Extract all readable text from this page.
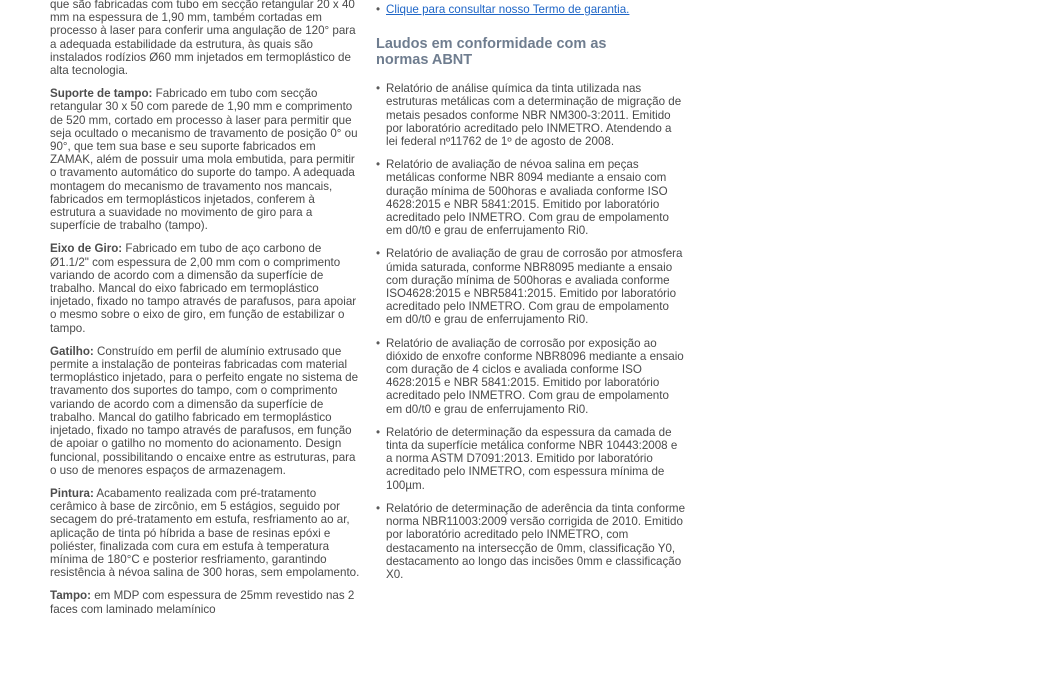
que são fabricadas com tubo em secção retangular 20 x 40 mm na espessura de 1,90 mm, também cortadas em processo à laser para conferir uma angulação de 120° para a adequada estabilidade da estrutura, às quais são instalados rodízios Ø60 mm injetados em termoplástico de alta tecnologia.

Suporte de tampo: Fabricado em tubo com secção retangular 30 x 50 com parede de 1,90 mm e comprimento de 520 mm, cortado em processo à laser para permitir que seja ocultado o mecanismo de travamento de posição 0° ou 90°, que tem sua base e seu suporte fabricados em ZAMAK, além de possuir uma mola embutida, para permitir o travamento automático do suporte do tampo. A adequada montagem do mecanismo de travamento nos mancais, fabricados em termoplásticos injetados, conferem à estrutura a suavidade no movimento de giro para a superfície de trabalho (tampo).

Eixo de Giro: Fabricado em tubo de aço carbono de Ø1.1/2" com espessura de 2,00 mm com o comprimento variando de acordo com a dimensão da superfície de trabalho. Mancal do eixo fabricado em termoplástico injetado, fixado no tampo através de parafusos, para apoiar o mesmo sobre o eixo de giro, em função de estabilizar o tampo.

Gatilho: Construído em perfil de alumínio extrusado que permite a instalação de ponteiras fabricadas com material termoplástico injetado, para o perfeito engate no sistema de travamento dos suportes do tampo, com o comprimento variando de acordo com a dimensão da superfície de trabalho. Mancal do gatilho fabricado em termoplástico injetado, fixado no tampo através de parafusos, em função de apoiar o gatilho no momento do acionamento. Design funcional, possibilitando o encaixe entre as estruturas, para o uso de menores espaços de armazenagem.

Pintura: Acabamento realizada com pré-tratamento cerâmico à base de zircônio, em 5 estágios, seguido por secagem do pré-tratamento em estufa, resfriamento ao ar, aplicação de tinta pó híbrida a base de resinas epóxi e poliéster, finalizada com cura em estufa à temperatura mínima de 180°C e posterior resfriamento, garantindo resistência à névoa salina de 300 horas, sem empolamento.

Tampo: em MDP com espessura de 25mm revestido nas 2 faces com laminado melamínico

• Clique para consultar nosso Termo de garantia.
Laudos em conformidade com as normas ABNT
• Relatório de análise química da tinta utilizada nas estruturas metálicas com a determinação de migração de metais pesados conforme NBR NM300-3:2011. Emitido por laboratório acreditado pelo INMETRO. Atendendo a lei federal nº11762 de 1º de agosto de 2008.
• Relatório de avaliação de névoa salina em peças metálicas conforme NBR 8094 mediante a ensaio com duração mínima de 500horas e avaliada conforme ISO 4628:2015 e NBR 5841:2015. Emitido por laboratório acreditado pelo INMETRO. Com grau de empolamento em d0/t0 e grau de enferrujamento Ri0.
• Relatório de avaliação de grau de corrosão por atmosfera úmida saturada, conforme NBR8095 mediante a ensaio com duração mínima de 500horas e avaliada conforme ISO4628:2015 e NBR5841:2015. Emitido por laboratório acreditado pelo INMETRO. Com grau de empolamento em d0/t0 e grau de enferrujamento Ri0.
• Relatório de avaliação de corrosão por exposição ao dióxido de enxofre conforme NBR8096 mediante a ensaio com duração de 4 ciclos e avaliada conforme ISO 4628:2015 e NBR 5841:2015. Emitido por laboratório acreditado pelo INMETRO. Com grau de empolamento em d0/t0 e grau de enferrujamento Ri0.
• Relatório de determinação da espessura da camada de tinta da superfície metálica conforme NBR 10443:2008 e a norma ASTM D7091:2013. Emitido por laboratório acreditado pelo INMETRO, com espessura mínima de 100µm.
• Relatório de determinação de aderência da tinta conforme norma NBR11003:2009 versão corrigida de 2010. Emitido por laboratório acreditado pelo INMETRO, com destacamento na intersecção de 0mm, classificação Y0, destacamento ao longo das incisões 0mm e classificação X0.
